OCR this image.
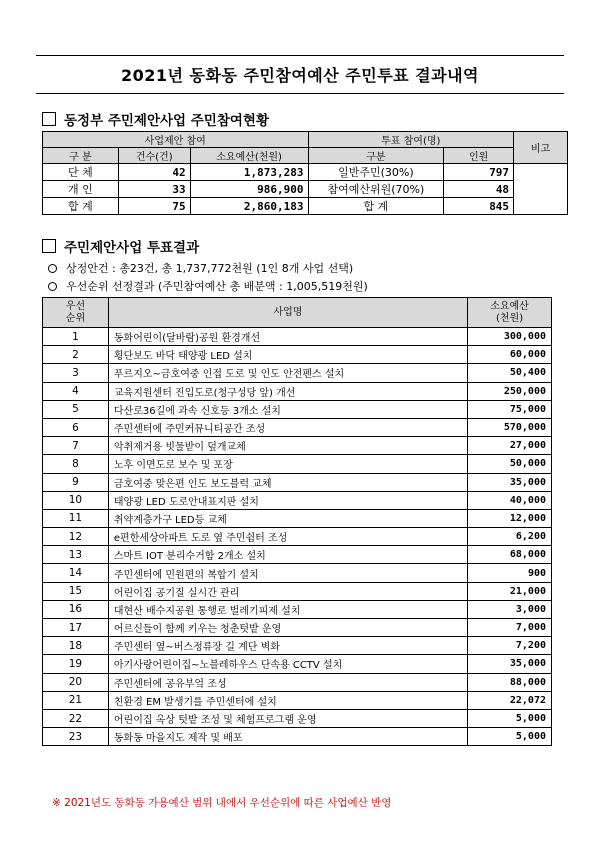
2021년 동화동 주민참여예산 주민투표 결과내역
동정부 주민제안사업 주민참여현황
사업제안 참여			투표 참여(명)		비고
구 분	건수(건)	소요예산(천원)	구분	인원	
단 체	42	1,873,283	일반주민(30%)	797	
개 인	33	986,900	참여예산위원(70%)	48	
합 계	75	2,860,183	합 계	845	
주민제안사업 투표결과
상정안건 : 총23건, 총 1,737,772천원 (1인 8개 사업 선택)
우선순위 선정결과 (주민참여예산 총 배분액 : 1,005,519천원)
우선
순위	사업명	소요예산
(천원)
1	동화어린이(달바람)공원 환경개선	300,000
2	횡단보도 바닥 태양광 LED 설치	60,000
3	푸르지오~금호여중 인접 도로 및 인도 안전펜스 설치	50,400
4	교육지원센터 진입도로(청구성당 앞) 개선	250,000
5	다산로36길에 과속 신호등 3개소 설치	75,000
6	주민센터에 주민커뮤니티공간 조성	570,000
7	악취제거용 빗물받이 덮개교체	27,000
8	노후 이면도로 보수 및 포장	50,000
9	금호여중 맞은편 인도 보도블럭 교체	35,000
10	태양광 LED 도로안내표지판 설치	40,000
11	취약계층가구 LED등 교체	12,000
12	e편한세상아파트 도로 옆 주민쉼터 조성	6,200
13	스마트 IOT 분리수거함 2개소 설치	68,000
14	주민센터에 민원편의 복합기 설치	900
15	어린이집 공기질 실시간 관리	21,000
16	대현산 배수지공원 통행로 벌레기피제 설치	3,000
17	어르신들이 함께 키우는 청춘텃밭 운영	7,000
18	주민센터 옆~버스정류장 길 계단 벽화	7,200
19	아기사랑어린이집~노블레하우스 단속용 CCTV 설치	35,000
20	주민센터에 공유부엌 조성	88,000
21	친환경 EM 발생기를 주민센터에 설치	22,072
22	어린이집 옥상 텃밭 조성 및 체험프로그램 운영	5,000
23	동화동 마을지도 제작 및 배포	5,000
※ 2021년도 동화동 가용예산 범위 내에서 우선순위에 따른 사업예산 반영
